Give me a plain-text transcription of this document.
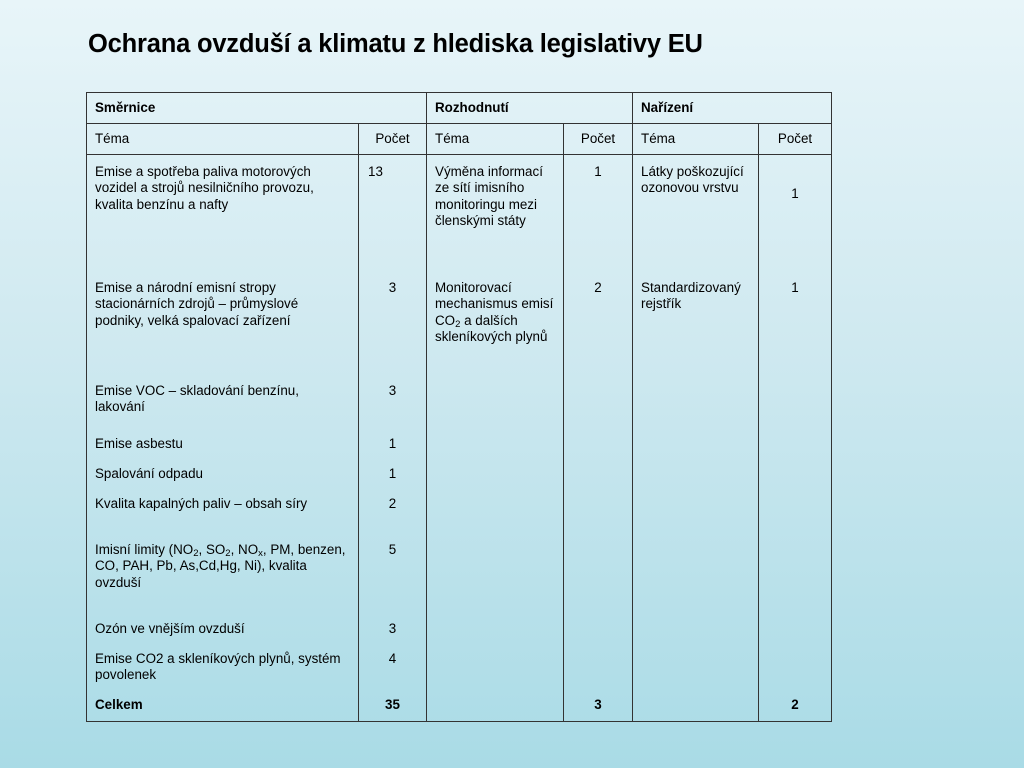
Ochrana ovzduší a klimatu z hlediska legislativy EU
Směrnice		Rozhodnutí		Nařízení	
Téma	Počet	Téma	Počet	Téma	Počet
Emise a spotřeba paliva motorových vozidel a strojů nesilničního provozu, kvalita benzínu a nafty	13	Výměna informací ze sítí imisního monitoringu mezi členskými státy	1	Látky poškozující ozonovou vrstvu	1
Emise a národní emisní stropy stacionárních zdrojů – průmyslové podniky, velká spalovací zařízení	3	Monitorovací mechanismus emisí $CO_2$ a dalších skleníkových plynů	2	Standardizovaný rejstřík	1
Emise VOC – skladování benzínu, lakování	3				
Emise asbestu	1				
Spalování odpadu	1				
Kvalita kapalných paliv – obsah síry	2				
Imisní limity ($NO_2$, $SO_2$, $NO_x$, PM, benzen, CO, PAH, Pb, As,Cd,Hg, Ni), kvalita ovzduší	5				
Ozón ve vnějším ovzduší	3				
Emise CO2 a skleníkových plynů, systém povolenek	4				
Celkem	35		3		2
